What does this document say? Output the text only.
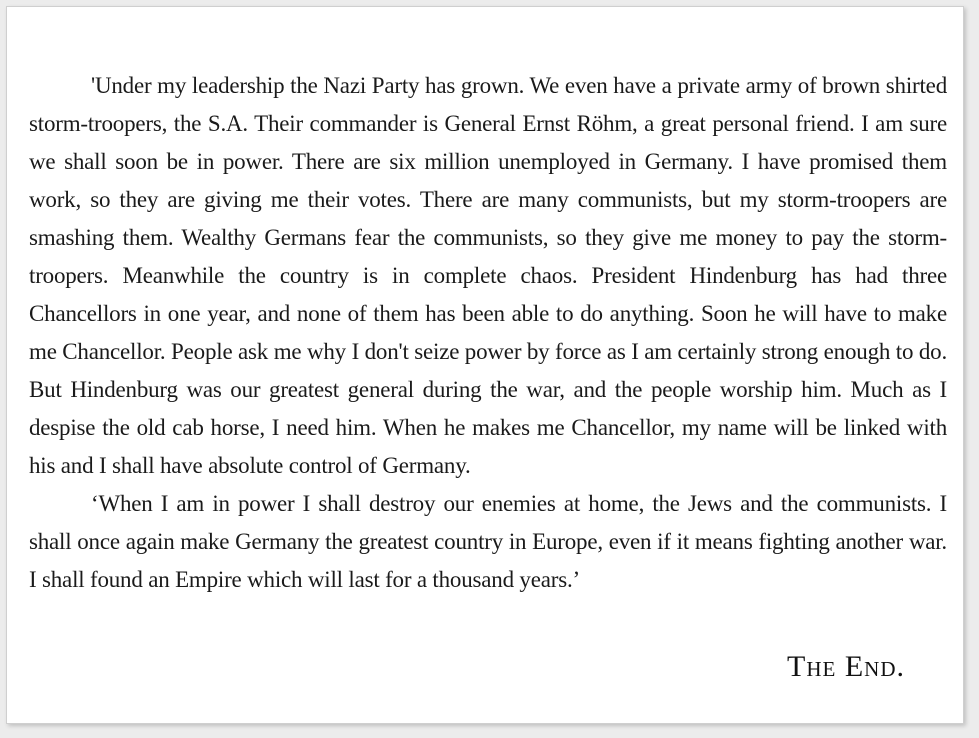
'Under my leadership the Nazi Party has grown. We even have a private army of brown shirted storm-troopers, the S.A. Their commander is General Ernst Röhm, a great personal friend. I am sure we shall soon be in power. There are six million unemployed in Germany. I have promised them work, so they are giving me their votes. There are many communists, but my storm-troopers are smashing them. Wealthy Germans fear the communists, so they give me money to pay the storm-troopers. Meanwhile the country is in complete chaos. President Hindenburg has had three Chancellors in one year, and none of them has been able to do anything. Soon he will have to make me Chancellor. People ask me why I don't seize power by force as I am certainly strong enough to do. But Hindenburg was our greatest general during the war, and the people worship him. Much as I despise the old cab horse, I need him. When he makes me Chancellor, my name will be linked with his and I shall have absolute control of Germany.

‘When I am in power I shall destroy our enemies at home, the Jews and the communists. I shall once again make Germany the greatest country in Europe, even if it means fighting another war. I shall found an Empire which will last for a thousand years.’

The End.
